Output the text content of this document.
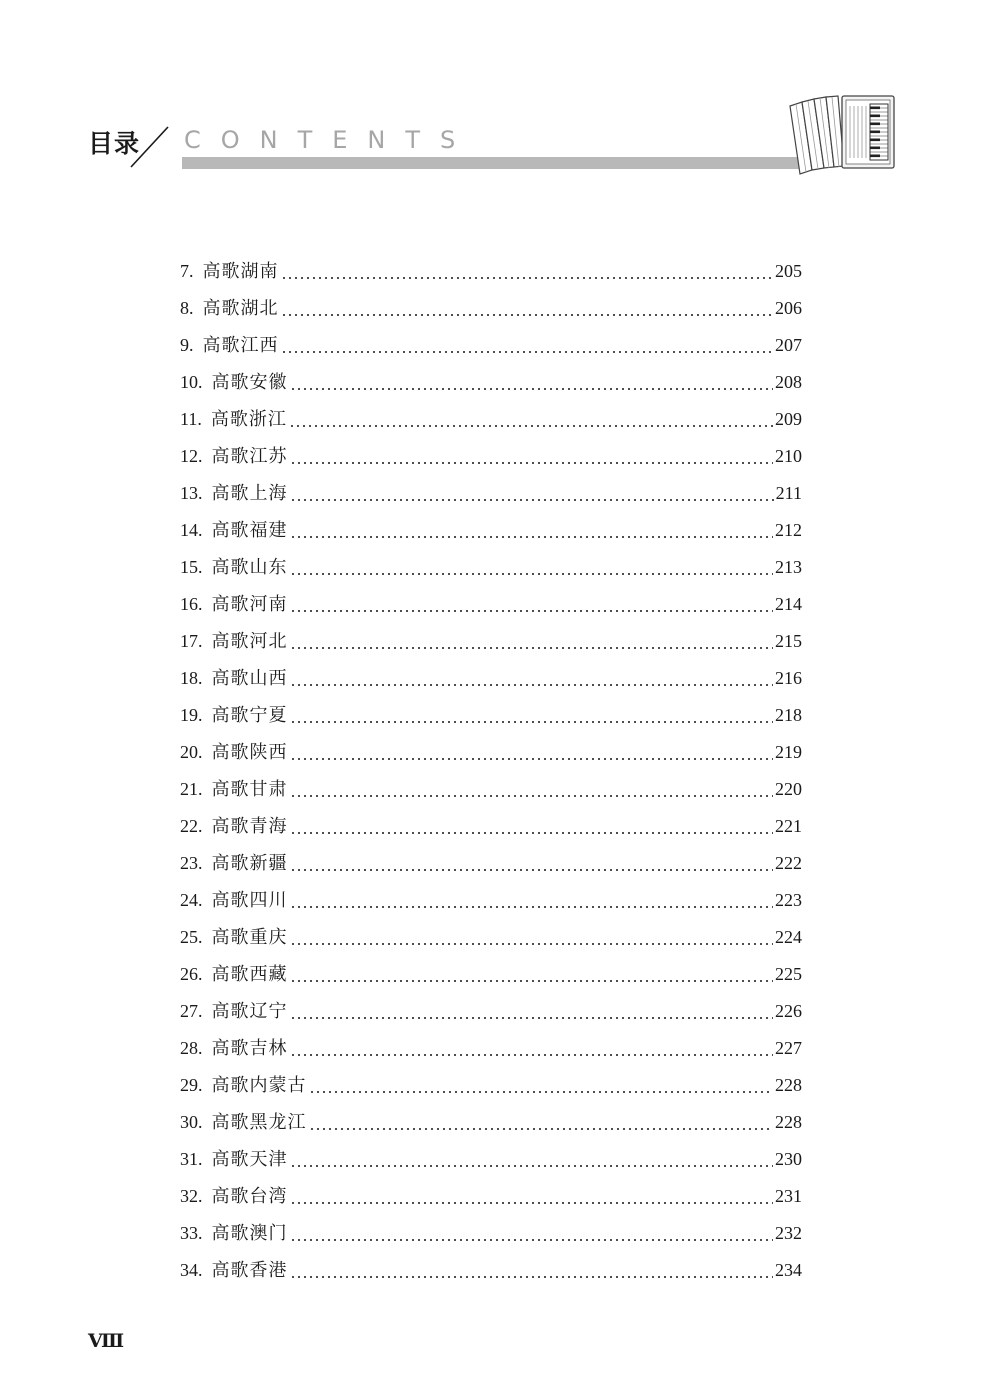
目录 CONTENTS
7. 高歌湖南	205
8. 高歌湖北	206
9. 高歌江西	207
10. 高歌安徽	208
11. 高歌浙江	209
12. 高歌江苏	210
13. 高歌上海	211
14. 高歌福建	212
15. 高歌山东	213
16. 高歌河南	214
17. 高歌河北	215
18. 高歌山西	216
19. 高歌宁夏	218
20. 高歌陕西	219
21. 高歌甘肃	220
22. 高歌青海	221
23. 高歌新疆	222
24. 高歌四川	223
25. 高歌重庆	224
26. 高歌西藏	225
27. 高歌辽宁	226
28. 高歌吉林	227
29. 高歌内蒙古	228
30. 高歌黑龙江	228
31. 高歌天津	230
32. 高歌台湾	231
33. 高歌澳门	232
34. 高歌香港	234
Ⅷ
